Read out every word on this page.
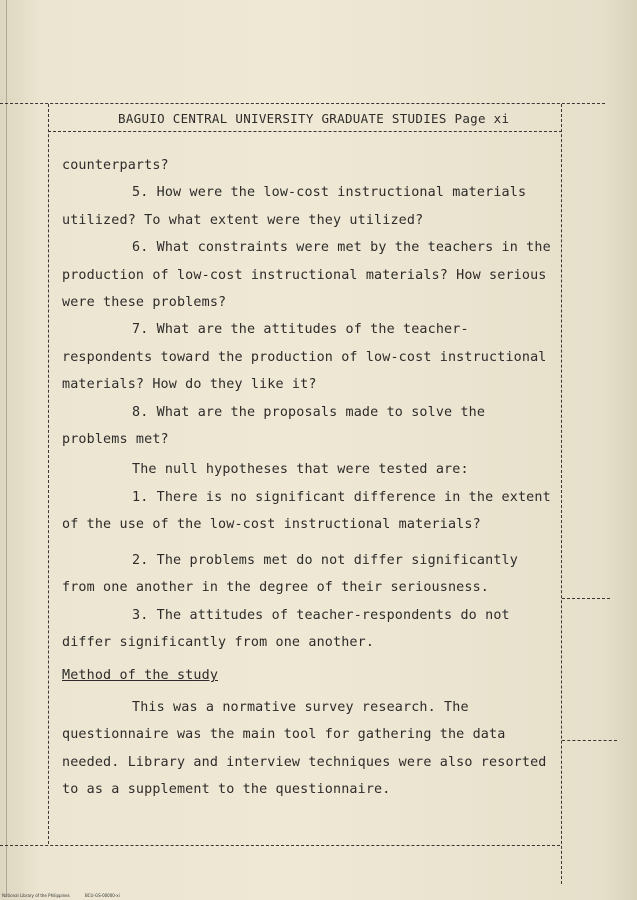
BAGUIO CENTRAL UNIVERSITY GRADUATE STUDIES Page xi

counterparts?

5. How were the low-cost instructional materials utilized? To what extent were they utilized?

6. What constraints were met by the teachers in the production of low-cost instructional materials? How serious were these problems?

7. What are the attitudes of the teacher-respondents toward the production of low-cost instructional materials? How do they like it?

8. What are the proposals made to solve the problems met?

The null hypotheses that were tested are:

1. There is no significant difference in the extent of the use of the low-cost instructional materials?

2. The problems met do not differ significantly from one another in the degree of their seriousness.

3. The attitudes of teacher-respondents do not differ significantly from one another.

Method of the study

This was a normative survey research. The questionnaire was the main tool for gathering the data needed. Library and interview techniques were also resorted to as a supplement to the questionnaire.

National Library of the Philippines	BCU-GS-00000-xi
